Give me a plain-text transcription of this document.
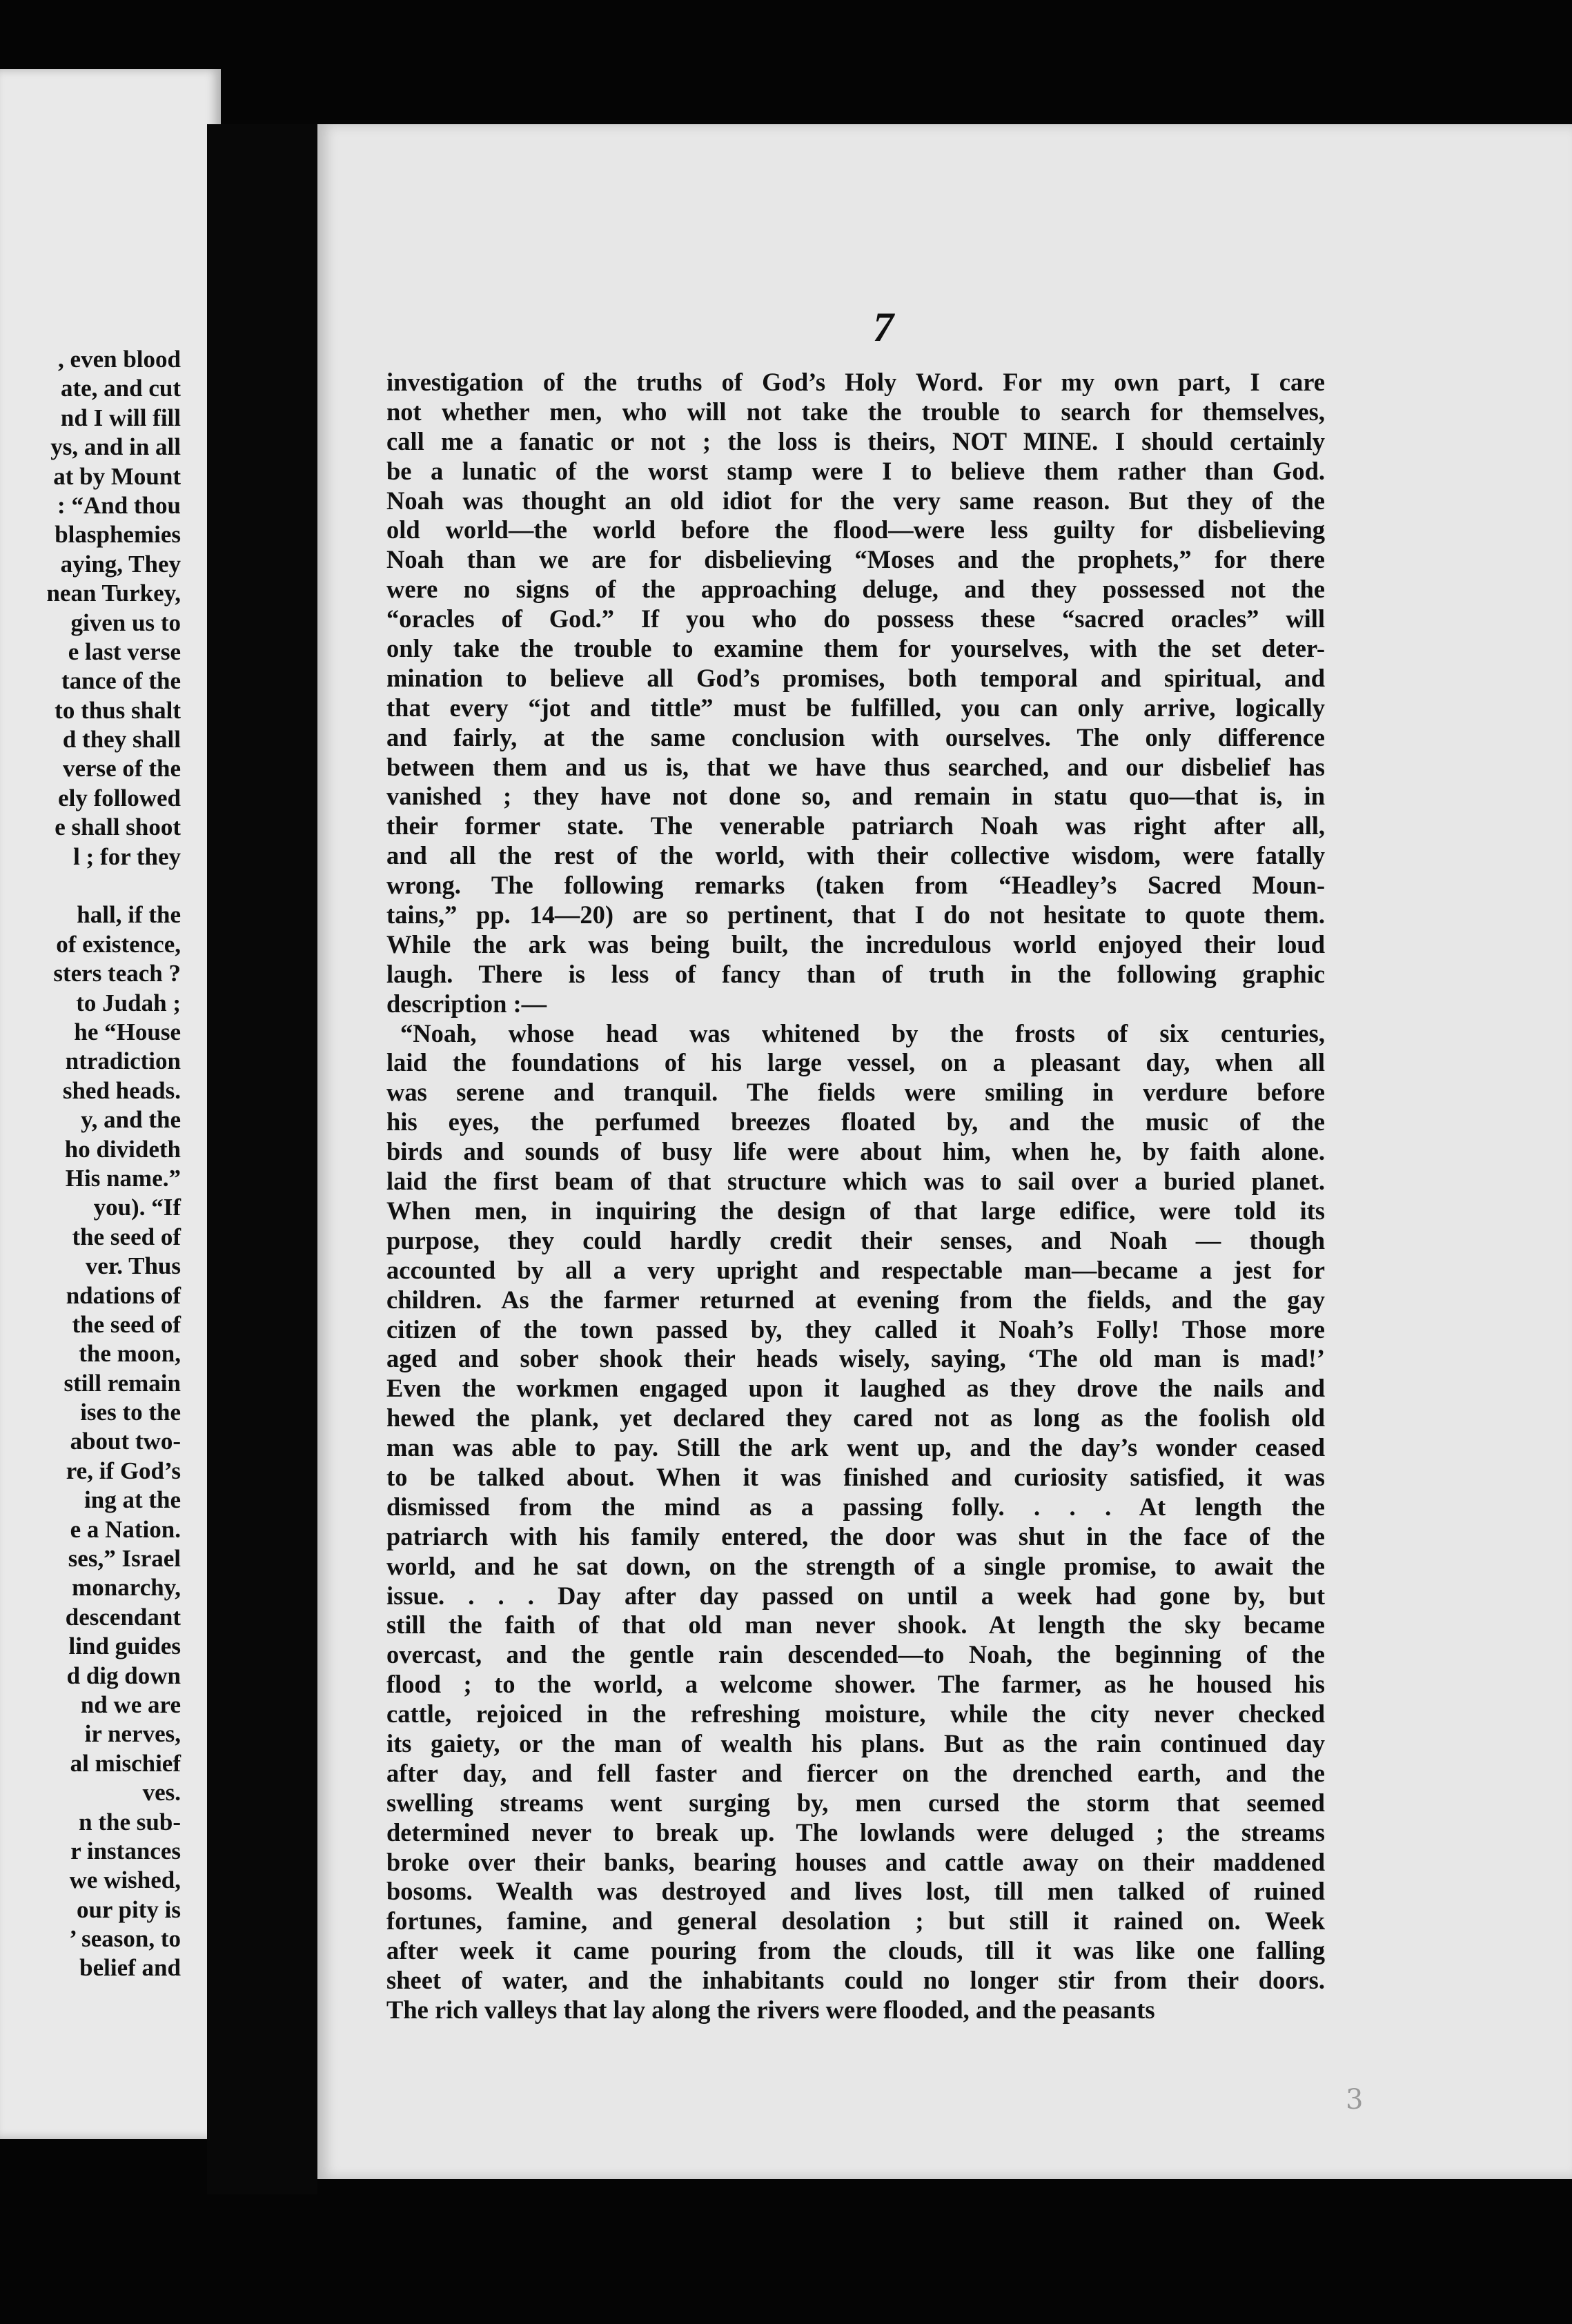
, even blood
ate, and cut
nd I will fill
ys, and in all
at by Mount
: “And thou
blasphemies
aying, They
nean Turkey,
given us to
e last verse
tance of the
to thus shalt
d they shall
verse of the
ely followed
e shall shoot
l ; for they
hall, if the
of existence,
sters teach ?
to Judah ;
he “House
ntradiction
shed heads.
y, and the
ho divideth
His name.”
you). “If
the seed of
ver. Thus
ndations of
the seed of
the moon,
still remain
ises to the
about two-
re, if God’s
ing at the
e a Nation.
ses,” Israel
monarchy,
descendant
lind guides
d dig down
nd we are
ir nerves,
al mischief
ves.
n the sub-
r instances
we wished,
our pity is
’ season, to
belief and
7
investigation of the truths of God’s Holy Word. For my own part, I care
not whether men, who will not take the trouble to search for themselves,
call me a fanatic or not ; the loss is theirs, NOT MINE. I should certainly
be a lunatic of the worst stamp were I to believe them rather than God.
Noah was thought an old idiot for the very same reason. But they of the
old world—the world before the flood—were less guilty for disbelieving
Noah than we are for disbelieving “Moses and the prophets,” for there
were no signs of the approaching deluge, and they possessed not the
“oracles of God.” If you who do possess these “sacred oracles” will
only take the trouble to examine them for yourselves, with the set deter-
mination to believe all God’s promises, both temporal and spiritual, and
that every “jot and tittle” must be fulfilled, you can only arrive, logically
and fairly, at the same conclusion with ourselves. The only difference
between them and us is, that we have thus searched, and our disbelief has
vanished ; they have not done so, and remain in statu quo—that is, in
their former state. The venerable patriarch Noah was right after all,
and all the rest of the world, with their collective wisdom, were fatally
wrong. The following remarks (taken from “Headley’s Sacred Moun-
tains,” pp. 14—20) are so pertinent, that I do not hesitate to quote them.
While the ark was being built, the incredulous world enjoyed their loud
laugh. There is less of fancy than of truth in the following graphic
description :—
“Noah, whose head was whitened by the frosts of six centuries,
laid the foundations of his large vessel, on a pleasant day, when all
was serene and tranquil. The fields were smiling in verdure before
his eyes, the perfumed breezes floated by, and the music of the
birds and sounds of busy life were about him, when he, by faith alone.
laid the first beam of that structure which was to sail over a buried planet.
When men, in inquiring the design of that large edifice, were told its
purpose, they could hardly credit their senses, and Noah — though
accounted by all a very upright and respectable man—became a jest for
children. As the farmer returned at evening from the fields, and the gay
citizen of the town passed by, they called it Noah’s Folly! Those more
aged and sober shook their heads wisely, saying, ‘The old man is mad!’
Even the workmen engaged upon it laughed as they drove the nails and
hewed the plank, yet declared they cared not as long as the foolish old
man was able to pay. Still the ark went up, and the day’s wonder ceased
to be talked about. When it was finished and curiosity satisfied, it was
dismissed from the mind as a passing folly. . . . At length the
patriarch with his family entered, the door was shut in the face of the
world, and he sat down, on the strength of a single promise, to await the
issue. . . . Day after day passed on until a week had gone by, but
still the faith of that old man never shook. At length the sky became
overcast, and the gentle rain descended—to Noah, the beginning of the
flood ; to the world, a welcome shower. The farmer, as he housed his
cattle, rejoiced in the refreshing moisture, while the city never checked
its gaiety, or the man of wealth his plans. But as the rain continued day
after day, and fell faster and fiercer on the drenched earth, and the
swelling streams went surging by, men cursed the storm that seemed
determined never to break up. The lowlands were deluged ; the streams
broke over their banks, bearing houses and cattle away on their maddened
bosoms. Wealth was destroyed and lives lost, till men talked of ruined
fortunes, famine, and general desolation ; but still it rained on. Week
after week it came pouring from the clouds, till it was like one falling
sheet of water, and the inhabitants could no longer stir from their doors.
The rich valleys that lay along the rivers were flooded, and the peasants
3
